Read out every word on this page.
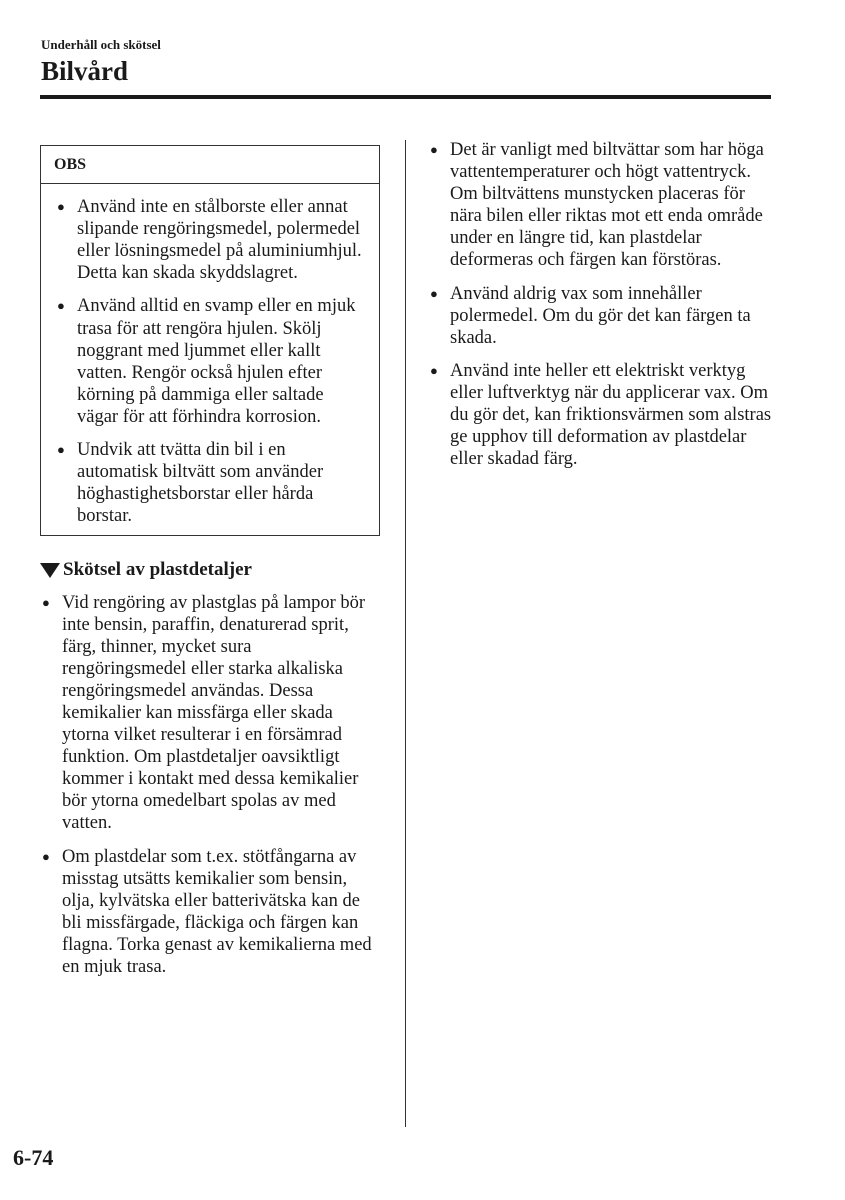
Underhåll och skötsel
Bilvård
OBS
● Använd inte en stålborste eller annat slipande rengöringsmedel, polermedel eller lösningsmedel på aluminiumhjul. Detta kan skada skyddslagret.
● Använd alltid en svamp eller en mjuk trasa för att rengöra hjulen. Skölj noggrant med ljummet eller kallt vatten. Rengör också hjulen efter körning på dammiga eller saltade vägar för att förhindra korrosion.
● Undvik att tvätta din bil i en automatisk biltvätt som använder höghastighetsborstar eller hårda borstar.
Skötsel av plastdetaljer
● Vid rengöring av plastglas på lampor bör inte bensin, paraffin, denaturerad sprit, färg, thinner, mycket sura rengöringsmedel eller starka alkaliska rengöringsmedel användas. Dessa kemikalier kan missfärga eller skada ytorna vilket resulterar i en försämrad funktion. Om plastdetaljer oavsiktligt kommer i kontakt med dessa kemikalier bör ytorna omedelbart spolas av med vatten.
● Om plastdelar som t.ex. stötfångarna av misstag utsätts kemikalier som bensin, olja, kylvätska eller batterivätska kan de bli missfärgade, fläckiga och färgen kan flagna. Torka genast av kemikalierna med en mjuk trasa.
● Det är vanligt med biltvättar som har höga vattentemperaturer och högt vattentryck. Om biltvättens munstycken placeras för nära bilen eller riktas mot ett enda område under en längre tid, kan plastdelar deformeras och färgen kan förstöras.
● Använd aldrig vax som innehåller polermedel. Om du gör det kan färgen ta skada.
● Använd inte heller ett elektriskt verktyg eller luftverktyg när du applicerar vax. Om du gör det, kan friktionsvärmen som alstras ge upphov till deformation av plastdelar eller skadad färg.
6-74
